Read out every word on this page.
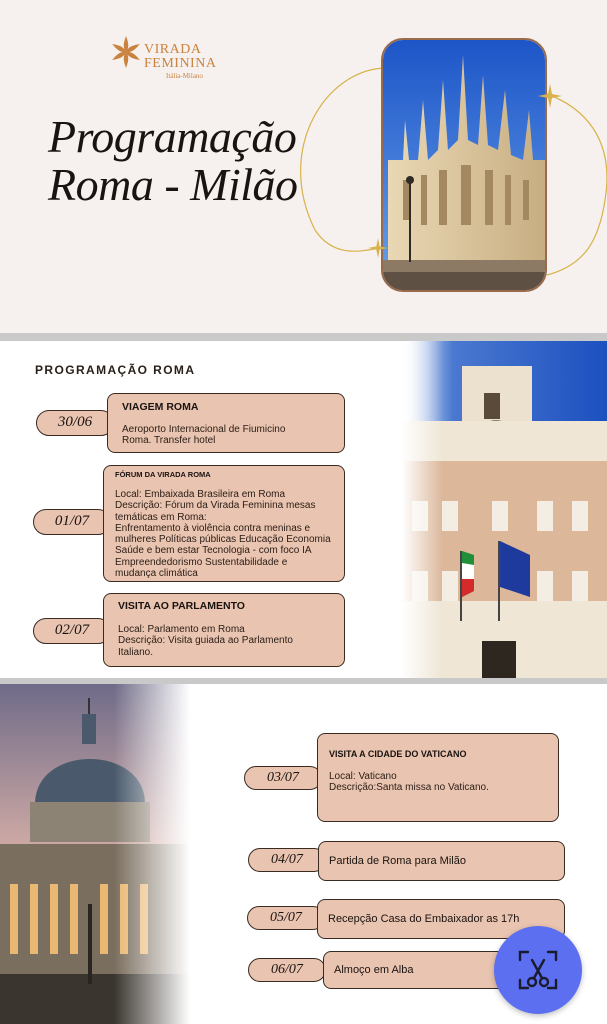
VIRADA
FEMININA
Itália-Milano
Programação
Roma - Milão
PROGRAMAÇÃO ROMA
30/06
VIAGEM ROMA
Aeroporto Internacional de Fiumicino
Roma. Transfer hotel
01/07
FÓRUM DA VIRADA ROMA
Local: Embaixada Brasileira em Roma
Descrição: Fórum da Virada Feminina mesas
temáticas em Roma:
Enfrentamento à violência contra meninas e
mulheres Políticas públicas Educação Economia
Saúde e bem estar Tecnologia - com foco IA
Empreendedorismo Sustentabilidade e
mudança climática
02/07
VISITA AO PARLAMENTO
Local: Parlamento em Roma
Descrição: Visita guiada ao Parlamento
Italiano.
03/07
VISITA A CIDADE DO VATICANO
Local: Vaticano
Descrição:Santa missa no Vaticano.
04/07	Partida de Roma para Milão
05/07	Recepção Casa do Embaixador as 17h
06/07	Almoço em Alba
